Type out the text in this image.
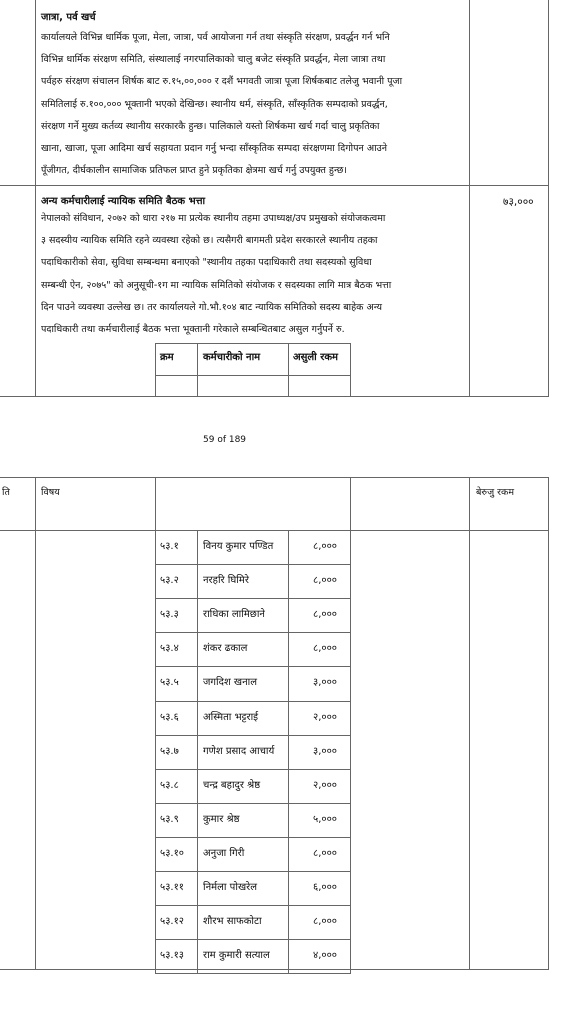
जात्रा, पर्व खर्च
कार्यालयले विभिन्न धार्मिक पूजा, मेला, जात्रा, पर्व आयोजना गर्न तथा संस्कृति संरक्षण, प्रवर्द्धन गर्न भनि
विभिन्न धार्मिक संरक्षण समिति, संस्थालाई नगरपालिकाको चालु बजेट संस्कृति प्रवर्द्धन, मेला जात्रा तथा
पर्वहरु संरक्षण संचालन शिर्षक बाट रु.१५,००,००० र दशैं भगवती जात्रा पूजा शिर्षकबाट तलेजु भवानी पूजा
समितिलाई रु.१००,००० भूक्तानी भएको देखिन्छ। स्थानीय धर्म, संस्कृति, साँस्कृतिक सम्पदाको प्रवर्द्धन,
संरक्षण गर्ने मुख्य कर्तव्य स्थानीय सरकारकै हुन्छ। पालिकाले यस्तो शिर्षकमा खर्च गर्दा चालु प्रकृतिका
खाना, खाजा, पूजा आदिमा खर्च सहायता प्रदान गर्नु भन्दा साँस्कृतिक सम्पदा संरक्षणमा दिगोपन आउने
पूँजीगत, दीर्घकालीन सामाजिक प्रतिफल प्राप्त हुने प्रकृतिका क्षेत्रमा खर्च गर्नु उपयुक्त हुन्छ।
अन्य कर्मचारीलाई न्यायिक समिति बैठक भत्ता	७३,०००
नेपालको संविधान, २०७२ को धारा २१७ मा प्रत्येक स्थानीय तहमा उपाध्यक्ष/उप प्रमुखको संयोजकत्वमा
३ सदस्यीय न्यायिक समिति रहने व्यवस्था रहेको छ। त्यसैगरी बागमती प्रदेश सरकारले स्थानीय तहका
पदाधिकारीको सेवा, सुविधा सम्बन्धमा बनाएको "स्थानीय तहका पदाधिकारी तथा सदस्यको सुविधा
सम्बन्धी ऐन, २०७५" को अनुसूची-१ग मा न्यायिक समितिको संयोजक र सदस्यका लागि मात्र बैठक भत्ता
दिन पाउने व्यवस्था उल्लेख छ। तर कार्यालयले गो.भौ.१०४ बाट न्यायिक समितिको सदस्य बाहेक अन्य
पदाधिकारी तथा कर्मचारीलाई बैठक भत्ता भूक्तानी गरेकाले सम्बन्धितबाट असुल गर्नुपर्ने रु.
क्रम	कर्मचारीको नाम	असुली रकम
59 of 189
ति	विषय	बेरुजु रकम
५३.१ विनय कुमार पण्डित	८,०००
५३.२ नरहरि घिमिरे	८,०००
५३.३ राधिका लामिछाने	८,०००
५३.४ शंकर ढकाल	८,०००
५३.५ जगदिश खनाल	३,०००
५३.६ अस्मिता भट्टराई	२,०००
५३.७ गणेश प्रसाद आचार्य	३,०००
५३.८ चन्द्र बहादुर श्रेष्ठ	२,०००
५३.९ कुमार श्रेष्ठ	५,०००
५३.१० अनुजा गिरी	८,०००
५३.११ निर्मला पोखरेल	६,०००
५३.१२ शौरभ साफकोटा	८,०००
५३.१३ राम कुमारी सत्याल	४,०००
